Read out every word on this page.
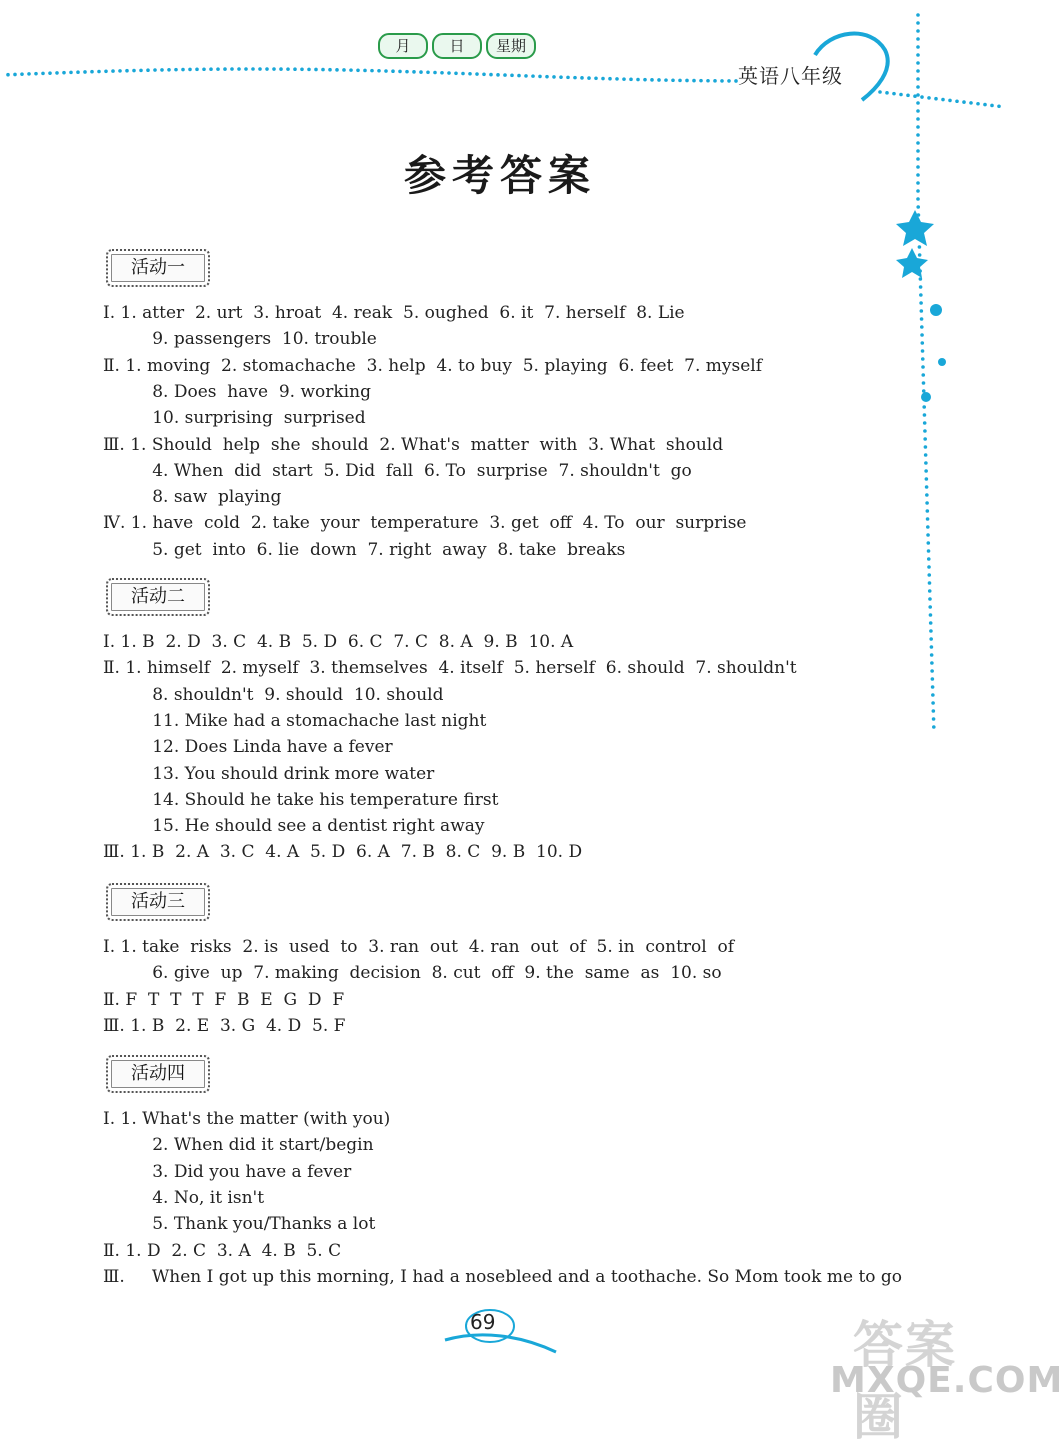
月	日	星期
英语八年级
参考答案
活动一
Ⅰ. 1. atter  2. urt  3. hroat  4. reak  5. oughed  6. it  7. herself  8. Lie
9. passengers  10. trouble
Ⅱ. 1. moving  2. stomachache  3. help  4. to buy  5. playing  6. feet  7. myself
8. Does  have  9. working
10. surprising  surprised
Ⅲ. 1. Should  help  she  should  2. What's  matter  with  3. What  should
4. When  did  start  5. Did  fall  6. To  surprise  7. shouldn't  go
8. saw  playing
Ⅳ. 1. have  cold  2. take  your  temperature  3. get  off  4. To  our  surprise
5. get  into  6. lie  down  7. right  away  8. take  breaks
活动二
Ⅰ. 1. B  2. D  3. C  4. B  5. D  6. C  7. C  8. A  9. B  10. A
Ⅱ. 1. himself  2. myself  3. themselves  4. itself  5. herself  6. should  7. shouldn't
8. shouldn't  9. should  10. should
11. Mike had a stomachache last night
12. Does Linda have a fever
13. You should drink more water
14. Should he take his temperature first
15. He should see a dentist right away
Ⅲ. 1. B  2. A  3. C  4. A  5. D  6. A  7. B  8. C  9. B  10. D
活动三
Ⅰ. 1. take  risks  2. is  used  to  3. ran  out  4. ran  out  of  5. in  control  of
6. give  up  7. making  decision  8. cut  off  9. the  same  as  10. so
Ⅱ. F  T  T  T  F  B  E  G  D  F
Ⅲ. 1. B  2. E  3. G  4. D  5. F
活动四
Ⅰ. 1. What's the matter (with you)
2. When did it start/begin
3. Did you have a fever
4. No, it isn't
5. Thank you/Thanks a lot
Ⅱ. 1. D  2. C  3. A  4. B  5. C
Ⅲ.     When I got up this morning, I had a nosebleed and a toothache. So Mom took me to go
69	答案圈
MXQE.COM
